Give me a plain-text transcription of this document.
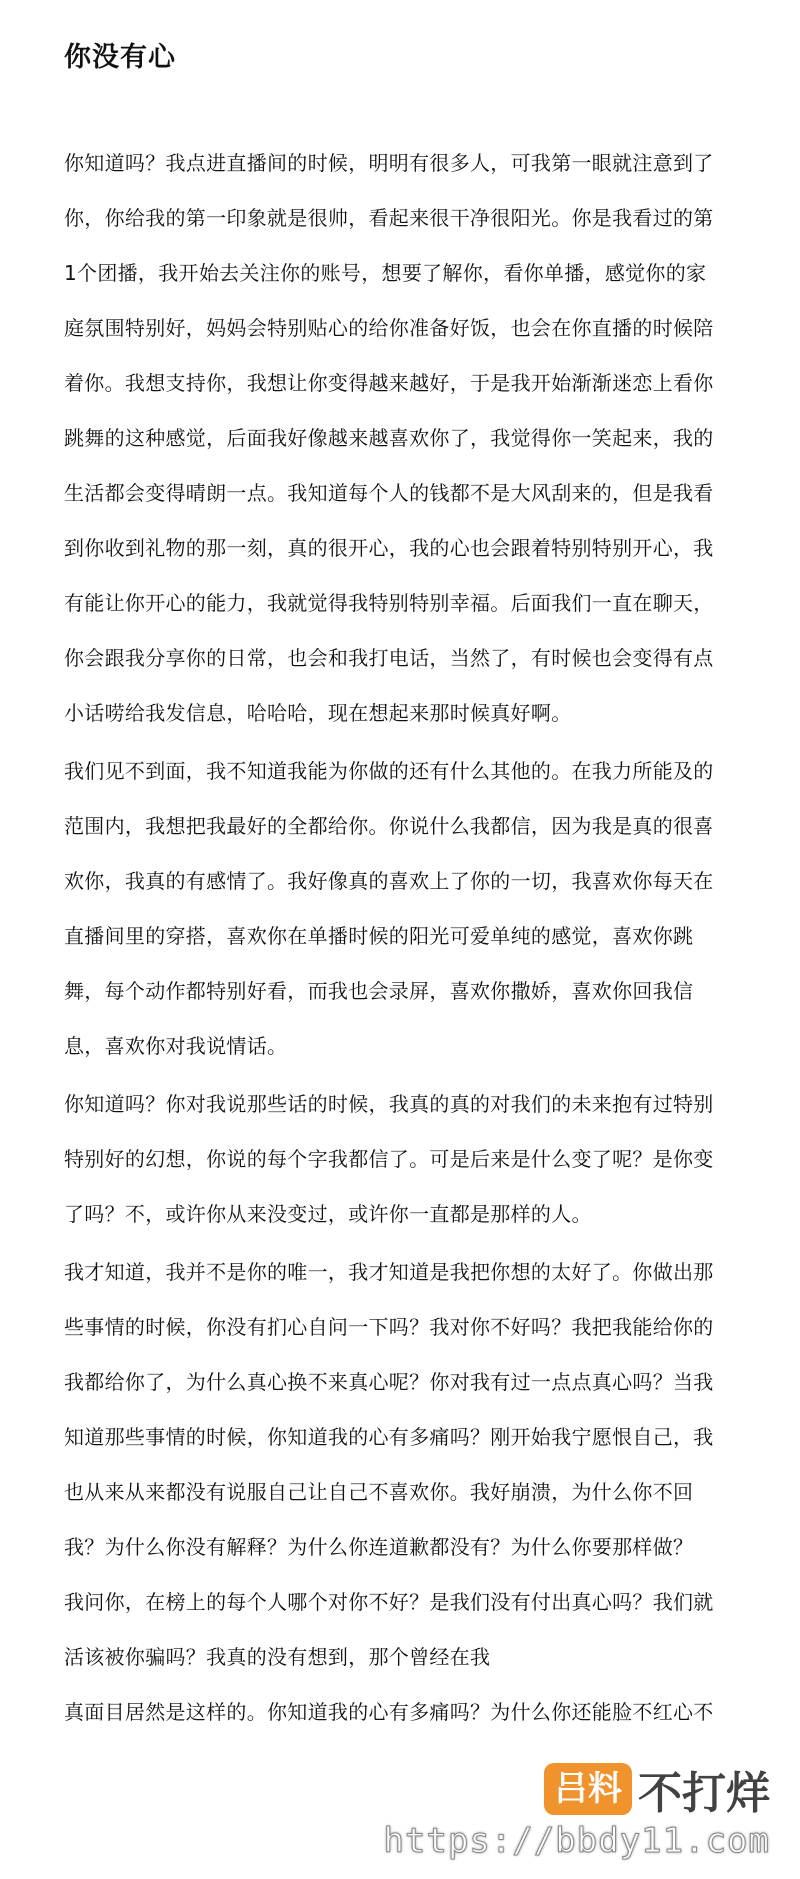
你没有心
你知道吗？我点进直播间的时候，明明有很多人，可我第一眼就注意到了
你，你给我的第一印象就是很帅，看起来很干净很阳光。你是我看过的第
1个团播，我开始去关注你的账号，想要了解你，看你单播，感觉你的家
庭氛围特别好，妈妈会特别贴心的给你准备好饭，也会在你直播的时候陪
着你。我想支持你，我想让你变得越来越好，于是我开始渐渐迷恋上看你
跳舞的这种感觉，后面我好像越来越喜欢你了，我觉得你一笑起来，我的
生活都会变得晴朗一点。我知道每个人的钱都不是大风刮来的，但是我看
到你收到礼物的那一刻，真的很开心，我的心也会跟着特别特别开心，我
有能让你开心的能力，我就觉得我特别特别幸福。后面我们一直在聊天，
你会跟我分享你的日常，也会和我打电话，当然了，有时候也会变得有点
小话唠给我发信息，哈哈哈，现在想起来那时候真好啊。
我们见不到面，我不知道我能为你做的还有什么其他的。在我力所能及的
范围内，我想把我最好的全都给你。你说什么我都信，因为我是真的很喜
欢你，我真的有感情了。我好像真的喜欢上了你的一切，我喜欢你每天在
直播间里的穿搭，喜欢你在单播时候的阳光可爱单纯的感觉，喜欢你跳
舞，每个动作都特别好看，而我也会录屏，喜欢你撒娇，喜欢你回我信
息，喜欢你对我说情话。
你知道吗？你对我说那些话的时候，我真的真的对我们的未来抱有过特别
特别好的幻想，你说的每个字我都信了。可是后来是什么变了呢？是你变
了吗？不，或许你从来没变过，或许你一直都是那样的人。
我才知道，我并不是你的唯一，我才知道是我把你想的太好了。你做出那
些事情的时候，你没有扪心自问一下吗？我对你不好吗？我把我能给你的
我都给你了，为什么真心换不来真心呢？你对我有过一点点真心吗？当我
知道那些事情的时候，你知道我的心有多痛吗？刚开始我宁愿恨自己，我
也从来从来都没有说服自己让自己不喜欢你。我好崩溃，为什么你不回
我？为什么你没有解释？为什么你连道歉都没有？为什么你要那样做？
我问你，在榜上的每个人哪个对你不好？是我们没有付出真心吗？我们就
活该被你骗吗？我真的没有想到，那个曾经在我
真面目居然是这样的。你知道我的心有多痛吗？为什么你还能脸不红心不
吕料 不打烊
https://bbdy11.com
